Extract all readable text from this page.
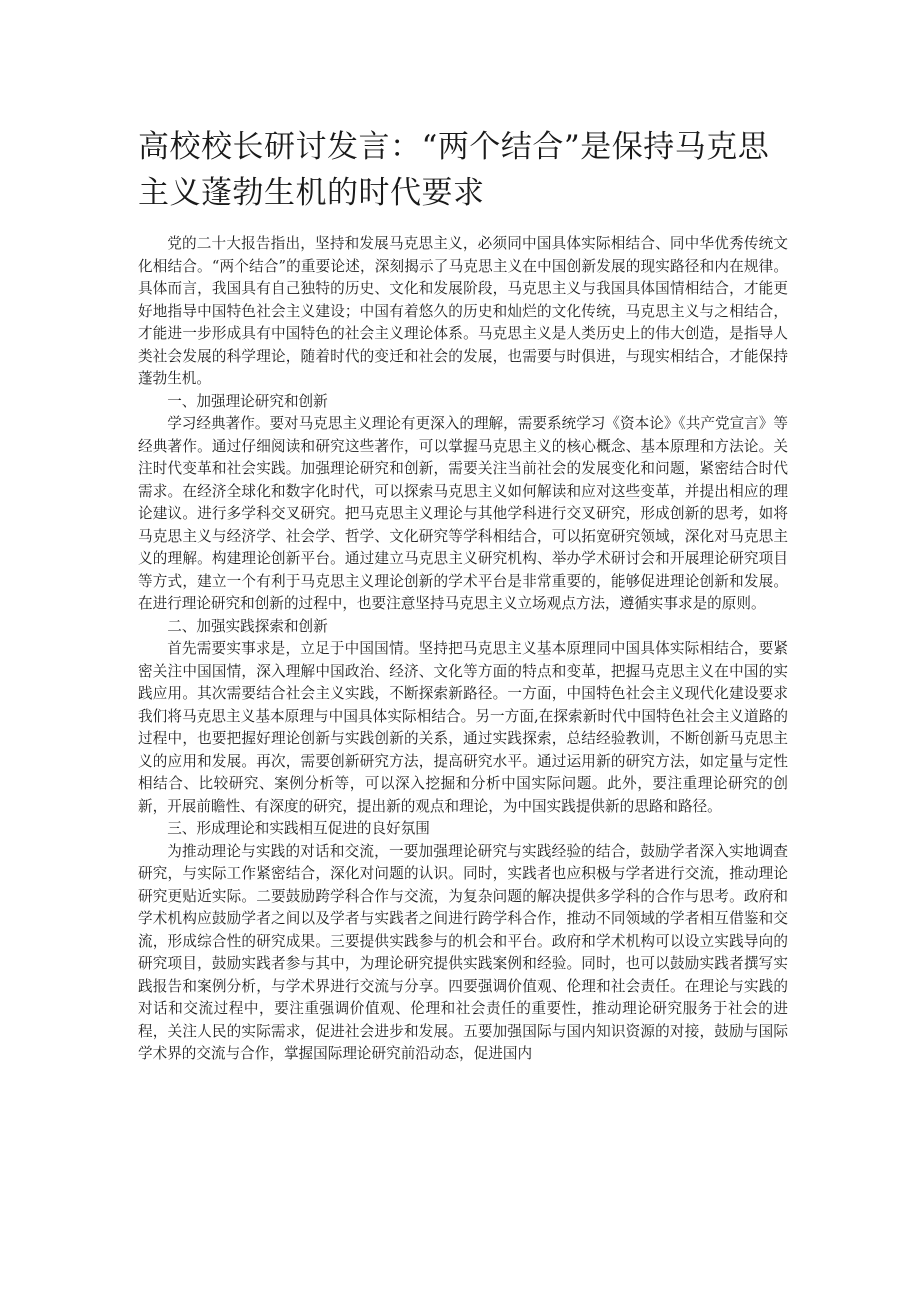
高校校长研讨发言：“两个结合”是保持马克思主义蓬勃生机的时代要求

党的二十大报告指出，坚持和发展马克思主义，必须同中国具体实际相结合、同中华优秀传统文化相结合。“两个结合”的重要论述，深刻揭示了马克思主义在中国创新发展的现实路径和内在规律。具体而言，我国具有自己独特的历史、文化和发展阶段，马克思主义与我国具体国情相结合，才能更好地指导中国特色社会主义建设；中国有着悠久的历史和灿烂的文化传统，马克思主义与之相结合，才能进一步形成具有中国特色的社会主义理论体系。马克思主义是人类历史上的伟大创造，是指导人类社会发展的科学理论，随着时代的变迁和社会的发展，也需要与时俱进，与现实相结合，才能保持蓬勃生机。

一、加强理论研究和创新

学习经典著作。要对马克思主义理论有更深入的理解，需要系统学习《资本论》《共产党宣言》等经典著作。通过仔细阅读和研究这些著作，可以掌握马克思主义的核心概念、基本原理和方法论。关注时代变革和社会实践。加强理论研究和创新，需要关注当前社会的发展变化和问题，紧密结合时代需求。在经济全球化和数字化时代，可以探索马克思主义如何解读和应对这些变革，并提出相应的理论建议。进行多学科交叉研究。把马克思主义理论与其他学科进行交叉研究，形成创新的思考，如将马克思主义与经济学、社会学、哲学、文化研究等学科相结合，可以拓宽研究领域，深化对马克思主义的理解。构建理论创新平台。通过建立马克思主义研究机构、举办学术研讨会和开展理论研究项目等方式，建立一个有利于马克思主义理论创新的学术平台是非常重要的，能够促进理论创新和发展。在进行理论研究和创新的过程中，也要注意坚持马克思主义立场观点方法，遵循实事求是的原则。

二、加强实践探索和创新

首先需要实事求是，立足于中国国情。坚持把马克思主义基本原理同中国具体实际相结合，要紧密关注中国国情，深入理解中国政治、经济、文化等方面的特点和变革，把握马克思主义在中国的实践应用。其次需要结合社会主义实践，不断探索新路径。一方面，中国特色社会主义现代化建设要求我们将马克思主义基本原理与中国具体实际相结合。另一方面,在探索新时代中国特色社会主义道路的过程中，也要把握好理论创新与实践创新的关系，通过实践探索，总结经验教训，不断创新马克思主义的应用和发展。再次，需要创新研究方法，提高研究水平。通过运用新的研究方法，如定量与定性相结合、比较研究、案例分析等，可以深入挖掘和分析中国实际问题。此外，要注重理论研究的创新，开展前瞻性、有深度的研究，提出新的观点和理论，为中国实践提供新的思路和路径。

三、形成理论和实践相互促进的良好氛围

为推动理论与实践的对话和交流，一要加强理论研究与实践经验的结合，鼓励学者深入实地调查研究，与实际工作紧密结合，深化对问题的认识。同时，实践者也应积极与学者进行交流，推动理论研究更贴近实际。二要鼓励跨学科合作与交流，为复杂问题的解决提供多学科的合作与思考。政府和学术机构应鼓励学者之间以及学者与实践者之间进行跨学科合作，推动不同领域的学者相互借鉴和交流，形成综合性的研究成果。三要提供实践参与的机会和平台。政府和学术机构可以设立实践导向的研究项目，鼓励实践者参与其中，为理论研究提供实践案例和经验。同时，也可以鼓励实践者撰写实践报告和案例分析，与学术界进行交流与分享。四要强调价值观、伦理和社会责任。在理论与实践的对话和交流过程中，要注重强调价值观、伦理和社会责任的重要性，推动理论研究服务于社会的进程，关注人民的实际需求，促进社会进步和发展。五要加强国际与国内知识资源的对接，鼓励与国际学术界的交流与合作，掌握国际理论研究前沿动态，促进国内
